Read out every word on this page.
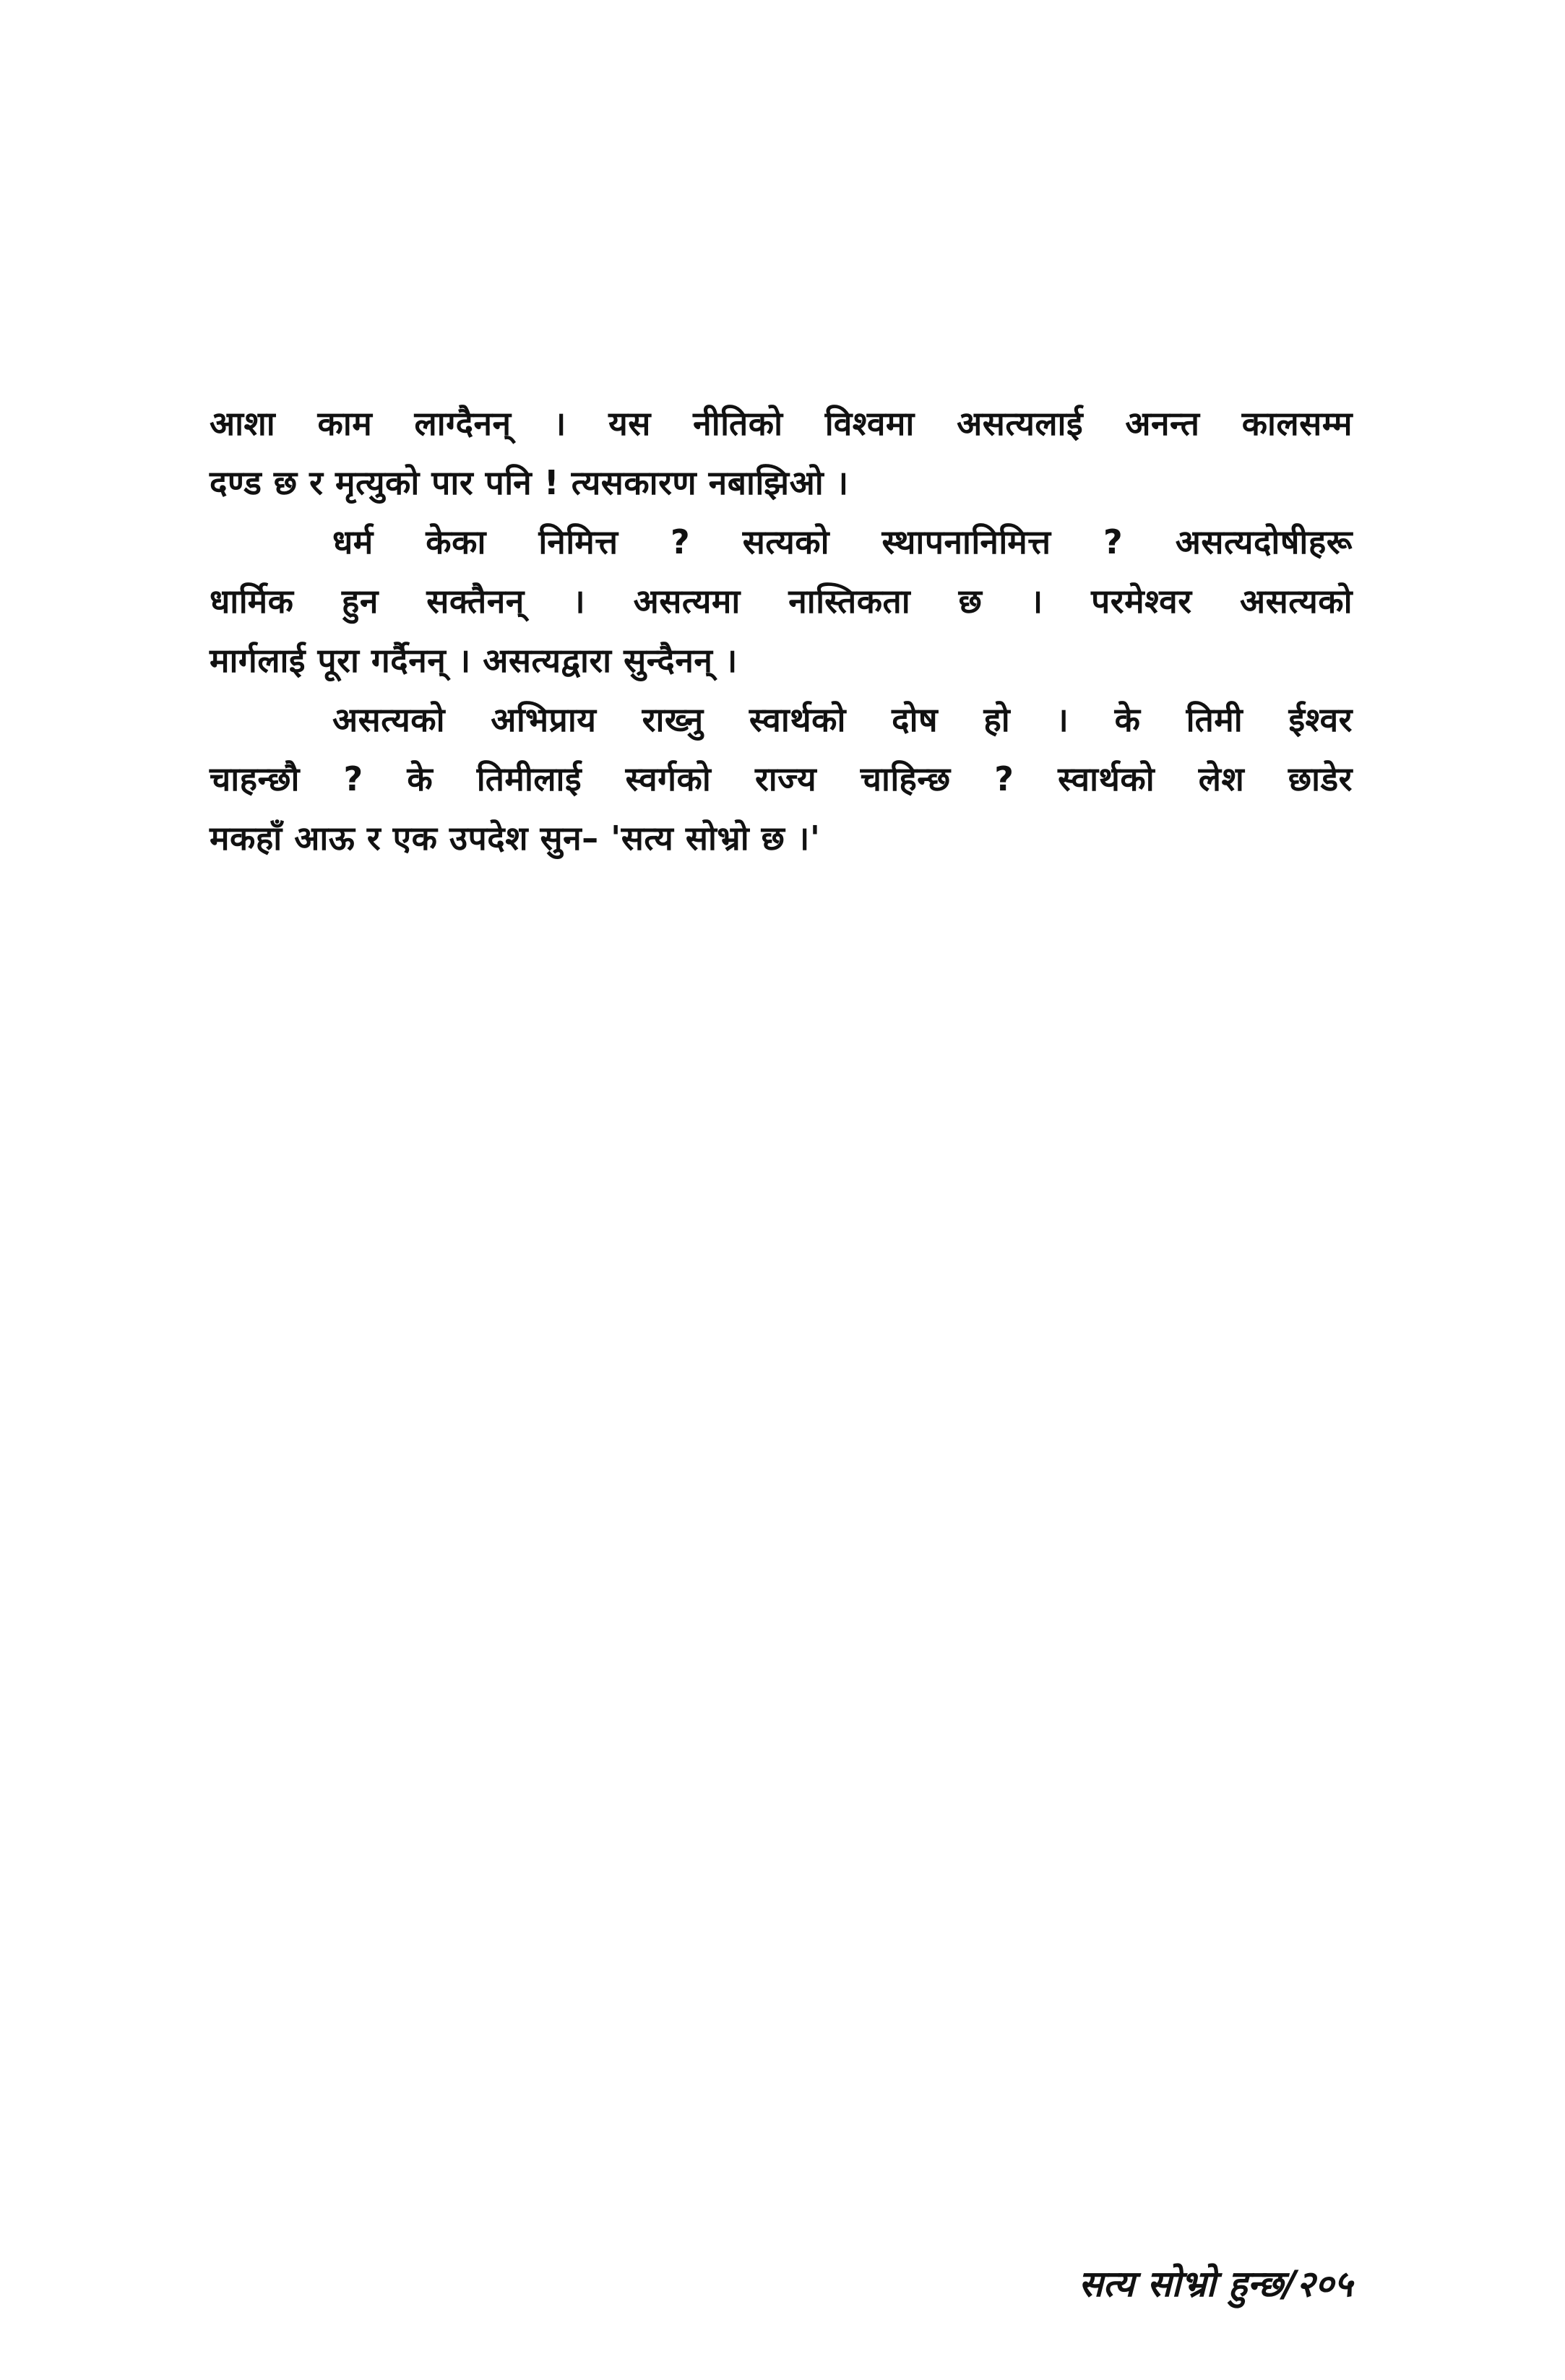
आशा काम लाग्दैनन् । यस नीतिको विश्वमा असत्यलाई अनन्त कालसम्म
दण्ड छ र मृत्युको पार पनि ! त्यसकारण नबाझिओ ।
धर्म केका निमित्त ? सत्यको स्थापनानिमित्त ? असत्यदोषीहरू
धार्मिक हुन सक्तैनन् । असत्यमा नास्तिकता छ । परमेश्वर असत्यको
मार्गलाई पूरा गर्दैनन् । असत्यद्वारा सुन्दैनन् ।
असत्यको अभिप्राय राख्नु स्वार्थको दोष हो । के तिमी ईश्वर
चाहन्छौ ? के तिमीलाई स्वर्गको राज्य चाहिन्छ ? स्वार्थको लेश छाडेर
मकहाँ आऊ र एक उपदेश सुन– 'सत्य सोभ्रो छ ।'
सत्य सोभ्रो हुन्छ/२०५
